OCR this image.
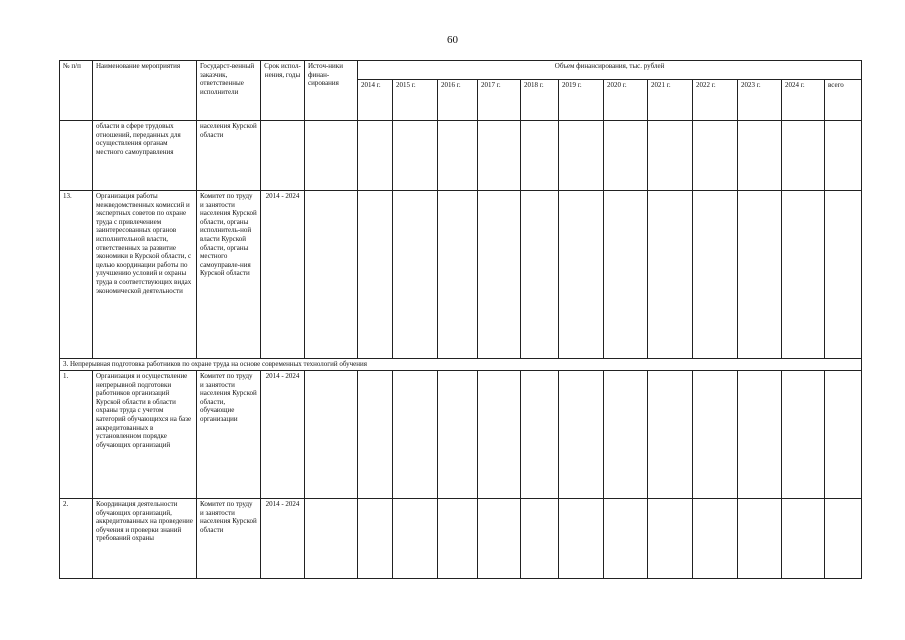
60
№ п/п	Наименование мероприятия	Государст-венный заказчик, ответственные исполнители	Срок испол-нения, годы	Источ-ники финан-сирования	Объем финансирования, тыс. рублей											
					2014 г.	2015 г.	2016 г.	2017 г.	2018 г.	2019 г.	2020 г.	2021 г.	2022 г.	2023 г.	2024 г.	всего
	области в сфере трудовых отношений, переданных для осуществления органам местного самоуправления	населения Курской области														
13.	Организация работы межведомственных комиссий и экспертных советов по охране труда с привлечением заинтересованных органов исполнительной власти, ответственных за развитие экономики в Курской области, с целью координации работы по улучшению условий и охраны труда в соответствующих видах экономической деятельности	Комитет по труду и занятости населения Курской области, органы исполнитель-ной власти Курской области, органы местного самоуправле-ния Курской области	2014 - 2024													
3. Непрерывная подготовка работников по охране труда на основе современных технологий обучения																
1.	Организация и осуществление непрерывной подготовки работников организаций Курской области в области охраны труда с учетом категорий обучающихся на базе аккредитованных в установленном порядке обучающих организаций	Комитет по труду и занятости населения Курской области, обучающие организации	2014 - 2024													
2.	Координация деятельности обучающих организаций, аккредитованных на проведение обучения и проверки знаний требований охраны	Комитет по труду и занятости населения Курской области	2014 - 2024													
